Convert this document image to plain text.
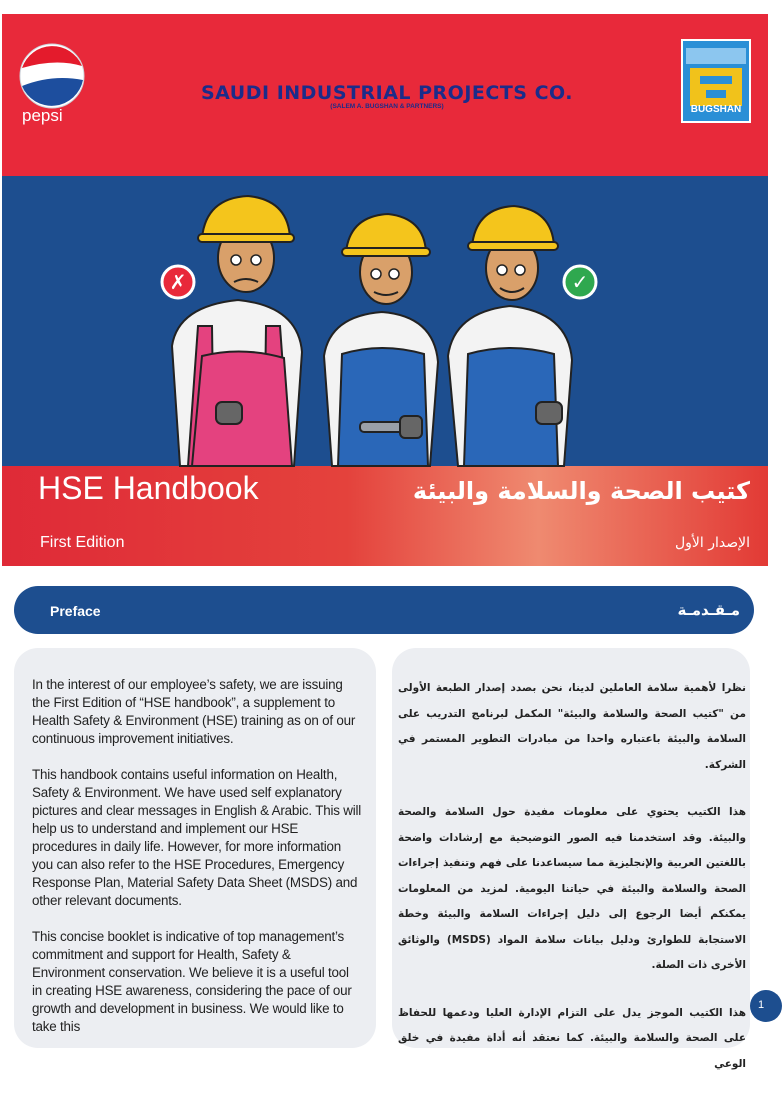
pepsi
SAUDI INDUSTRIAL PROJECTS CO.
(SALEM A. BUGSHAN & PARTNERS)	BUGSHAN
✗	✓
HSE Handbook	كتيب الصحة والسلامة والبيئة
First Edition	الإصدار الأول
Preface	مـقـدمـة

In the interest of our employee’s safety, we are issuing the First Edition of “HSE handbook”, a supplement to Health Safety & Environment (HSE) training as on of our continuous improvement initiatives.

This handbook contains useful information on Health, Safety & Environment. We have used self explanatory pictures and clear messages in English & Arabic. This will help us to understand and implement our HSE procedures in daily life. However, for more information you can also refer to the HSE Procedures, Emergency Response Plan, Material Safety Data Sheet (MSDS) and other relevant documents.

This concise booklet is indicative of top management’s commitment and support for Health, Safety & Environment conservation. We believe it is a useful tool in creating HSE awareness, considering the pace of our growth and development in business. We would like to take this

نظرا لأهمية سلامة العاملين لدينا، نحن بصدد إصدار الطبعة الأولى من "كتيب الصحة والسلامة والبيئة" المكمل لبرنامج التدريب على السلامة والبيئة باعتباره واحدا من مبادرات التطوير المستمر في الشركة.

هذا الكتيب يحتوي على معلومات مفيدة حول السلامة والصحة والبيئة. وقد استخدمنا فيه الصور التوضيحية مع إرشادات واضحة باللغتين العربية والإنجليزية مما سيساعدنا على فهم وتنفيذ إجراءات الصحة والسلامة والبيئة في حياتنا اليومية. لمزيد من المعلومات يمكنكم أيضا الرجوع إلى دليل إجراءات السلامة والبيئة وخطة الاستجابة للطوارئ ودليل بيانات سلامة المواد (MSDS) والوثائق الأخرى ذات الصلة.

هذا الكتيب الموجز يدل على التزام الإدارة العليا ودعمها للحفاظ على الصحة والسلامة والبيئة. كما نعتقد أنه أداة مفيدة في خلق الوعي

1
